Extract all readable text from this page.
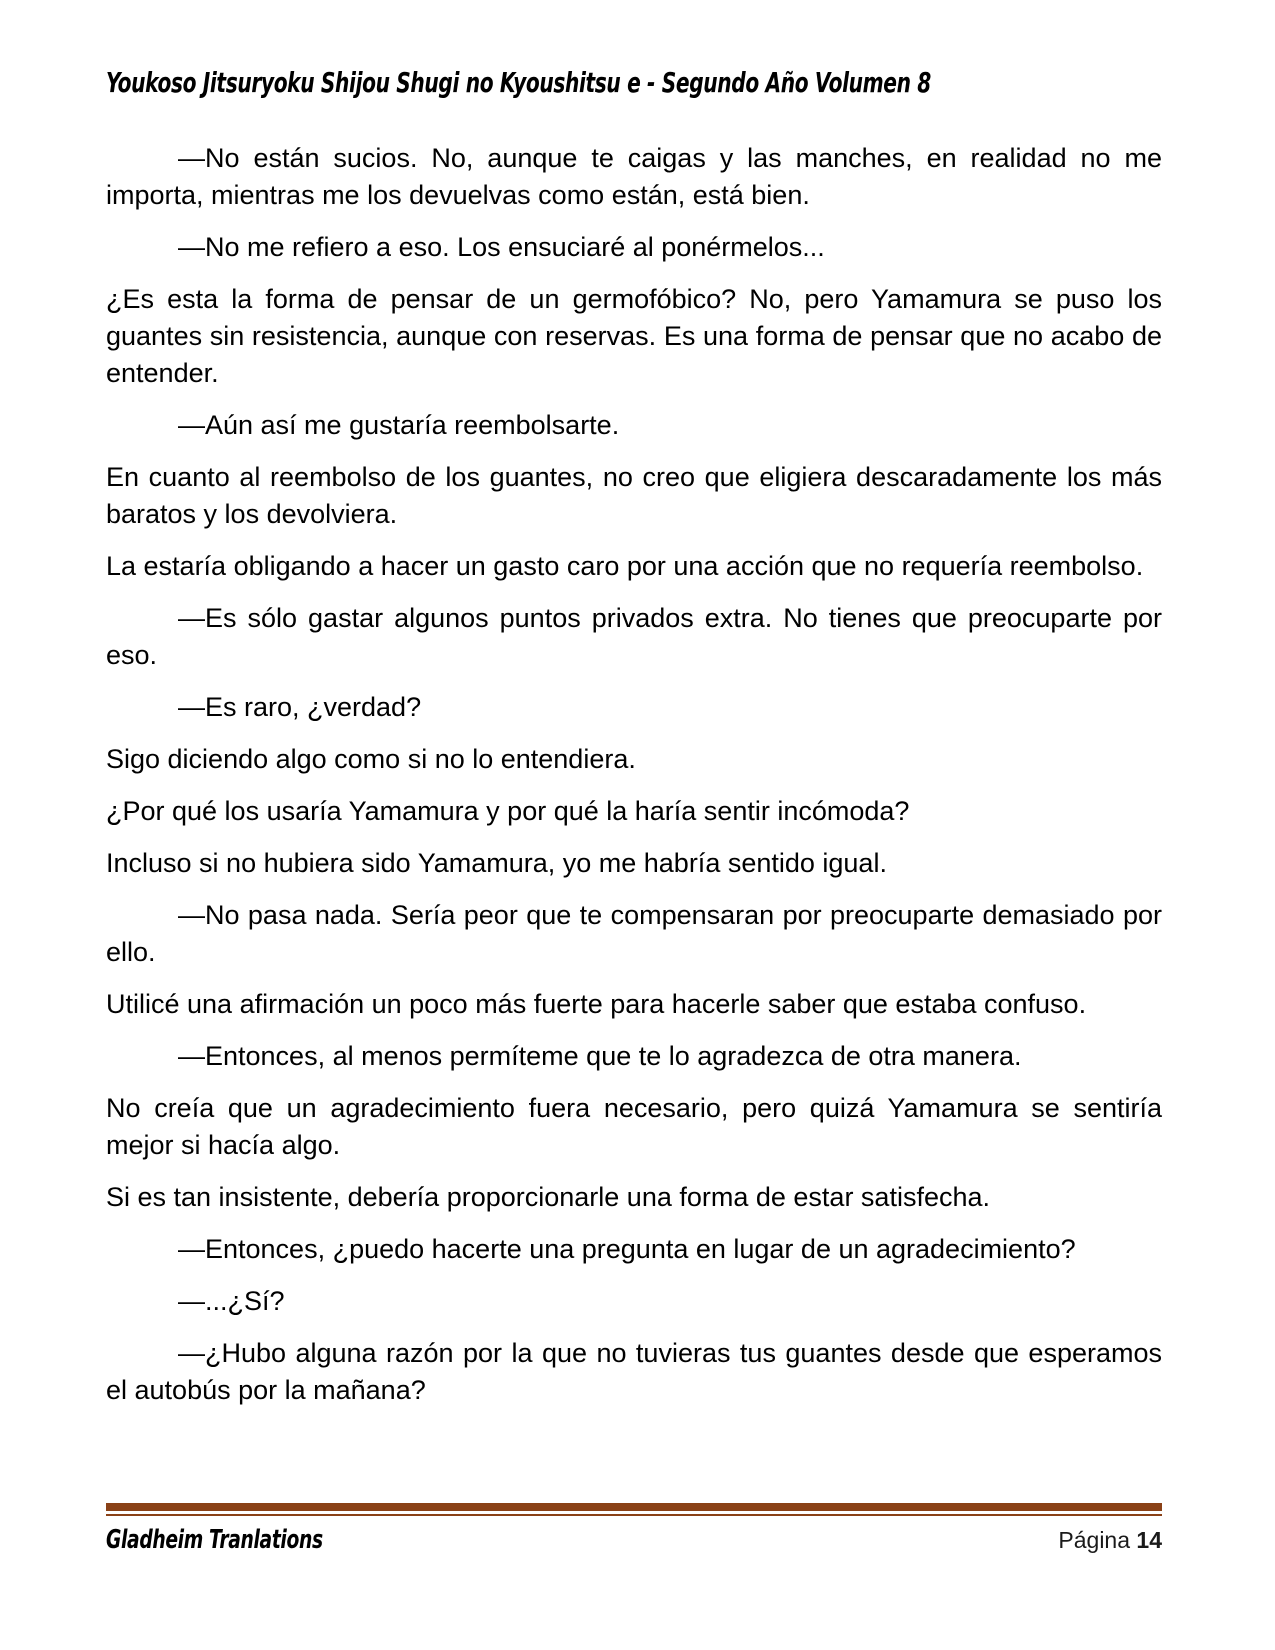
Youkoso Jitsuryoku Shijou Shugi no Kyoushitsu e - Segundo Año Volumen 8

—No están sucios. No, aunque te caigas y las manches, en realidad no me importa, mientras me los devuelvas como están, está bien.

—No me refiero a eso. Los ensuciaré al ponérmelos...

¿Es esta la forma de pensar de un germofóbico? No, pero Yamamura se puso los guantes sin resistencia, aunque con reservas. Es una forma de pensar que no acabo de entender.

—Aún así me gustaría reembolsarte.

En cuanto al reembolso de los guantes, no creo que eligiera descaradamente los más baratos y los devolviera.

La estaría obligando a hacer un gasto caro por una acción que no requería reembolso.

—Es sólo gastar algunos puntos privados extra. No tienes que preocuparte por eso.

—Es raro, ¿verdad?

Sigo diciendo algo como si no lo entendiera.

¿Por qué los usaría Yamamura y por qué la haría sentir incómoda?

Incluso si no hubiera sido Yamamura, yo me habría sentido igual.

—No pasa nada. Sería peor que te compensaran por preocuparte demasiado por ello.

Utilicé una afirmación un poco más fuerte para hacerle saber que estaba confuso.

—Entonces, al menos permíteme que te lo agradezca de otra manera.

No creía que un agradecimiento fuera necesario, pero quizá Yamamura se sentiría mejor si hacía algo.

Si es tan insistente, debería proporcionarle una forma de estar satisfecha.

—Entonces, ¿puedo hacerte una pregunta en lugar de un agradecimiento?

—...¿Sí?

—¿Hubo alguna razón por la que no tuvieras tus guantes desde que esperamos el autobús por la mañana?

Gladheim Tranlations	Página 14
